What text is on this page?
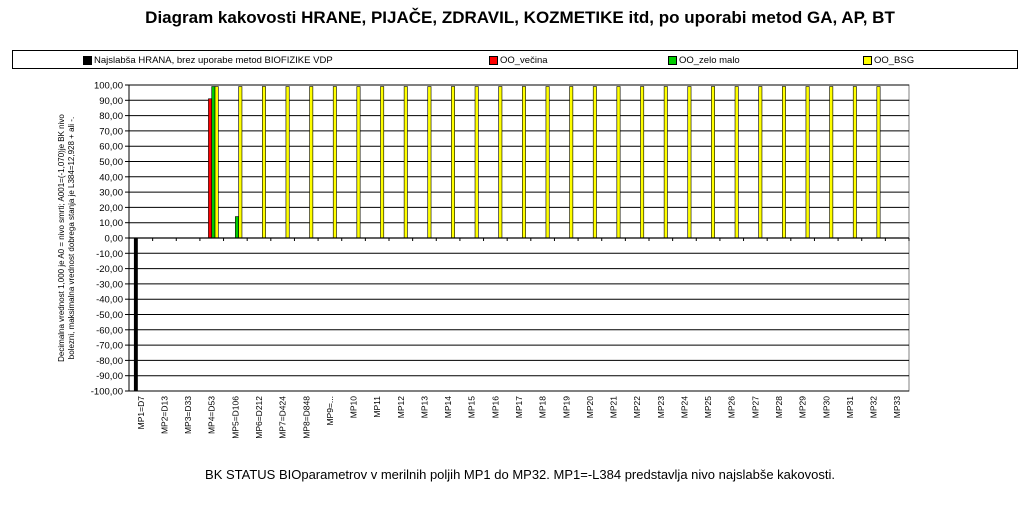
Diagram kakovosti HRANE, PIJAČE, ZDRAVIL, KOZMETIKE itd, po uporabi metod GA, AP, BT
Najslabša HRANA, brez uporabe metod BIOFIZIKE VDP	OO_večina	OO_zelo malo	OO_BSG
100,00
90,00
80,00
70,00
60,00
50,00
40,00
30,00
20,00
10,00
0,00
-10,00
-20,00
-30,00
-40,00
-50,00
-60,00
-70,00
-80,00
-90,00
-100,00
MP1=D7 MP2=D13 MP3=D33 MP4=D53 MP5=D106 MP6=D212 MP7=D424 MP8=D848 MP9=... MP10 MP11 MP12 MP13 MP14 MP15 MP16 MP17 MP18 MP19 MP20 MP21 MP22 MP23 MP24 MP25 MP26 MP27 MP28 MP29 MP30 MP31 MP32 MP33
Decimalna vrednost 1,000 je A0 = nivo smrti; A001=(-1,070)je BK nivo bolezni, maksimalna vrednost dobrega stanja je L384=12,928 + ali -.
BK STATUS BIOparametrov v merilnih poljih MP1 do MP32. MP1=-L384 predstavlja nivo najslabše kakovosti.
